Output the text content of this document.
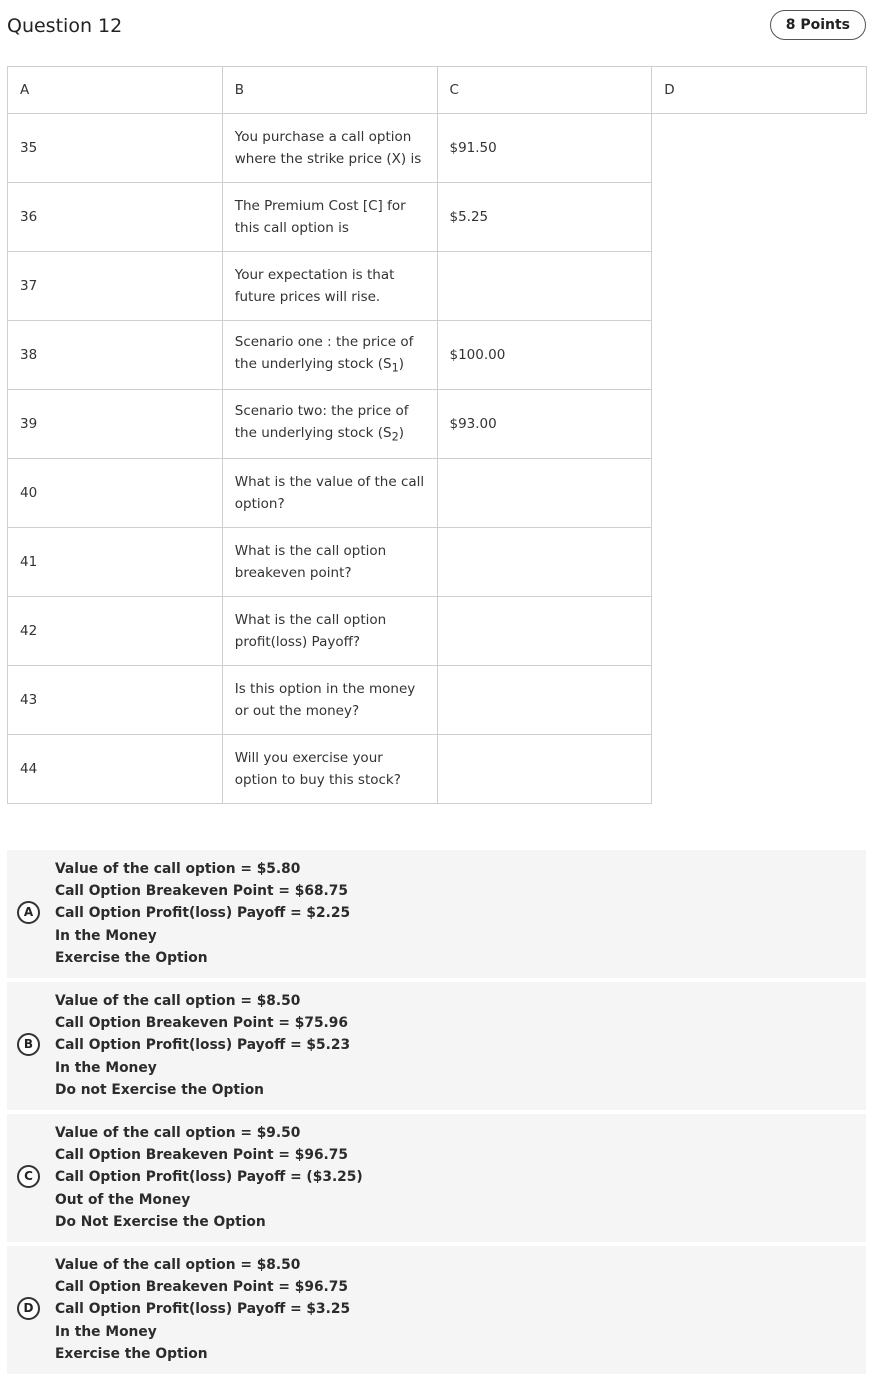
Question 12	8 Points
A	B	C	D
35	You purchase a call option where the strike price (X) is	$91.50	
36	The Premium Cost [C] for this call option is	$5.25	
37	Your expectation is that future prices will rise.		
38	Scenario one : the price of the underlying stock $(S_1)$	$100.00	
39	Scenario two: the price of the underlying stock $(S_2)$	$93.00	
40	What is the value of the call option?		
41	What is the call option breakeven point?		
42	What is the call option profit(loss) Payoff?		
43	Is this option in the money or out the money?		
44	Will you exercise your option to buy this stock?		
A
Value of the call option = $5.80
Call Option Breakeven Point = $68.75
Call Option Profit(loss) Payoff = $2.25
In the Money
Exercise the Option
B
Value of the call option = $8.50
Call Option Breakeven Point = $75.96
Call Option Profit(loss) Payoff = $5.23
In the Money
Do not Exercise the Option
C
Value of the call option = $9.50
Call Option Breakeven Point = $96.75
Call Option Profit(loss) Payoff = ($3.25)
Out of the Money
Do Not Exercise the Option
D
Value of the call option = $8.50
Call Option Breakeven Point = $96.75
Call Option Profit(loss) Payoff = $3.25
In the Money
Exercise the Option
